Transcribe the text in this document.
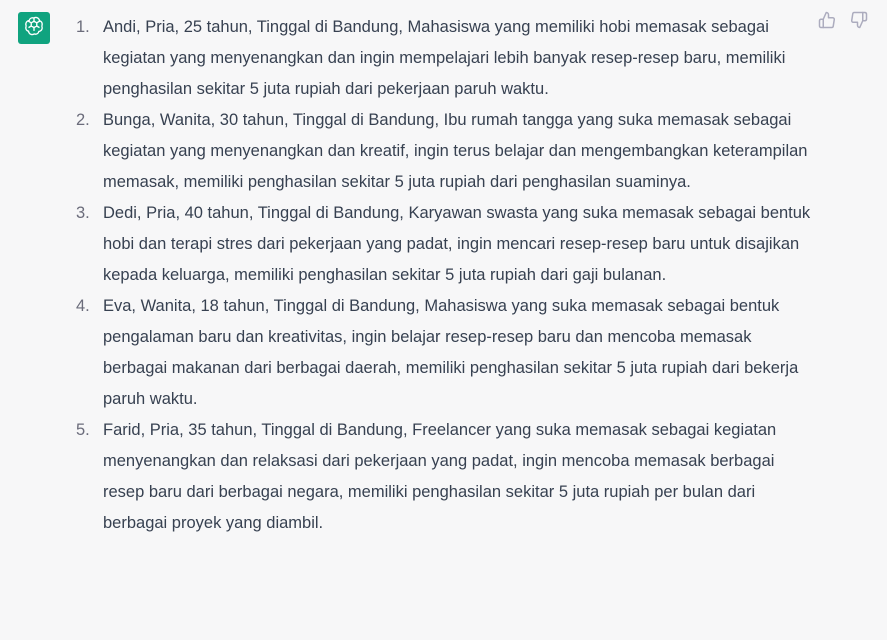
1. Andi, Pria, 25 tahun, Tinggal di Bandung, Mahasiswa yang memiliki hobi memasak sebagai kegiatan yang menyenangkan dan ingin mempelajari lebih banyak resep-resep baru, memiliki penghasilan sekitar 5 juta rupiah dari pekerjaan paruh waktu.
2. Bunga, Wanita, 30 tahun, Tinggal di Bandung, Ibu rumah tangga yang suka memasak sebagai kegiatan yang menyenangkan dan kreatif, ingin terus belajar dan mengembangkan keterampilan memasak, memiliki penghasilan sekitar 5 juta rupiah dari penghasilan suaminya.
3. Dedi, Pria, 40 tahun, Tinggal di Bandung, Karyawan swasta yang suka memasak sebagai bentuk hobi dan terapi stres dari pekerjaan yang padat, ingin mencari resep-resep baru untuk disajikan kepada keluarga, memiliki penghasilan sekitar 5 juta rupiah dari gaji bulanan.
4. Eva, Wanita, 18 tahun, Tinggal di Bandung, Mahasiswa yang suka memasak sebagai bentuk pengalaman baru dan kreativitas, ingin belajar resep-resep baru dan mencoba memasak berbagai makanan dari berbagai daerah, memiliki penghasilan sekitar 5 juta rupiah dari bekerja paruh waktu.
5. Farid, Pria, 35 tahun, Tinggal di Bandung, Freelancer yang suka memasak sebagai kegiatan menyenangkan dan relaksasi dari pekerjaan yang padat, ingin mencoba memasak berbagai resep baru dari berbagai negara, memiliki penghasilan sekitar 5 juta rupiah per bulan dari berbagai proyek yang diambil.
